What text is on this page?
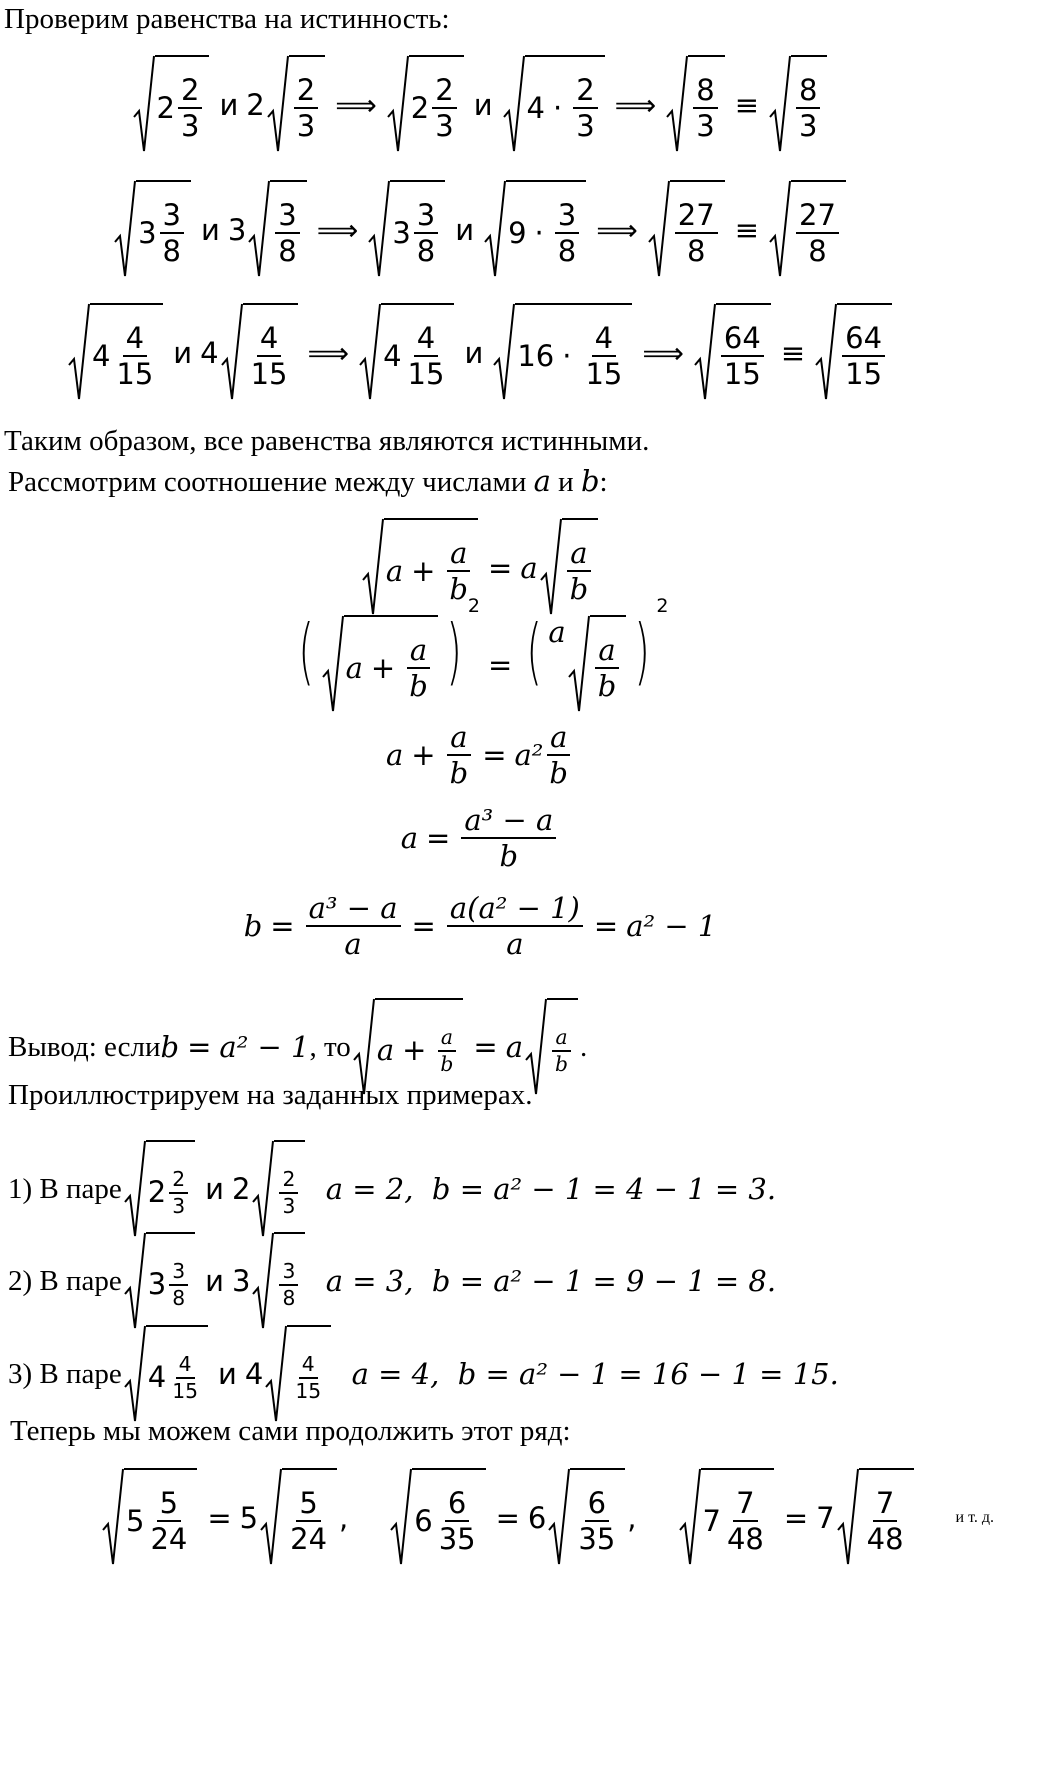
Проверим равенства на истинность:
$2 \frac{2}{3}$ и $2 \frac{2}{3}$ ⟹ $2 \frac{2}{3}$ и $4 \cdot \frac{2}{3}$ ⟹ $\frac{8}{3} \equiv \frac{8}{3}$
$3 \frac{3}{8}$ и $3 \frac{3}{8}$ ⟹ $3 \frac{3}{8}$ и $9 \cdot \frac{3}{8}$ ⟹ $\frac{27}{8} \equiv \frac{27}{8}$
$4 \frac{4}{15}$ и $4 \frac{4}{15}$ ⟹ $4 \frac{4}{15}$ и $16 \cdot \frac{4}{15}$ ⟹ $\frac{64}{15} \equiv \frac{64}{15}$
Таким образом, все равенства являются истинными.
Рассмотрим соотношение между числами a и b:
$a + \frac{a}{b} = a \frac{a}{b}$
( $a + \frac{a}{b}$ )
2
= ( a
$\frac{a}{b}$ )
2
$a + \frac{a}{b} = a^2 \frac{a}{b}$
$a = \frac{\text{a³ − a}}{b}$
$b = \frac{\text{a³ − a}}{a} = \frac{\text{a(a² − 1)}}{a} = a^2 - 1$
Вывод: если b = a² − 1 , то $a + \frac{a}{b} = a \frac{a}{b}$ .
Проиллюстрируем на заданных примерах.
1) В паре $2 \frac{2}{3}$ и $2 \frac{2}{3}$
a = 2,
b = a² − 1 = 4 − 1 = 3.
2) В паре $3 \frac{3}{8}$ и $3 \frac{3}{8}$
a = 3,
b = a² − 1 = 9 − 1 = 8.
3) В паре $4 \frac{4}{15}$ и $4 \frac{4}{15}$
a = 4,
b = a² − 1 = 16 − 1 = 15.
Теперь мы можем сами продолжить этот ряд:
$5 \frac{5}{24} = 5 \frac{5}{24}$ , $6 \frac{6}{35} = 6 \frac{6}{35}$ , $7 \frac{7}{48} = 7 \frac{7}{48}$	и т. д.
